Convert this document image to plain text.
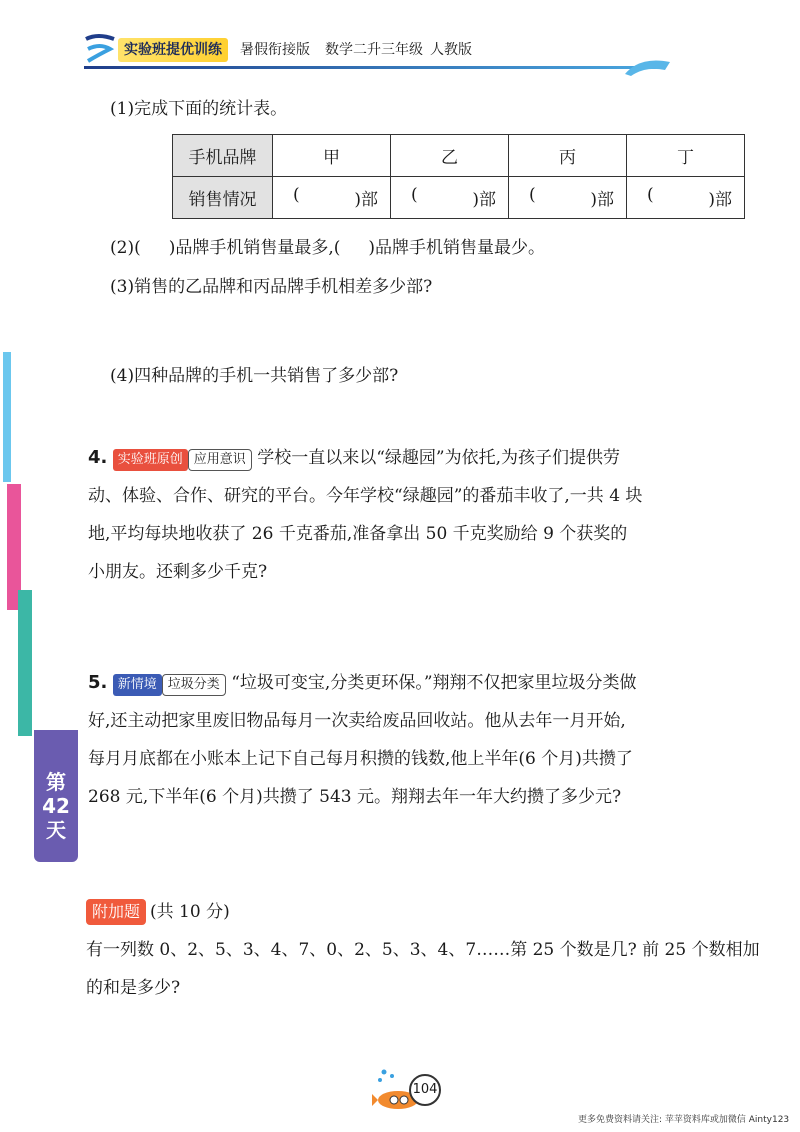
实验班提优训练	暑假衔接版 数学二升三年级 人教版
(1)完成下面的统计表。
手机品牌	甲	乙	丙	丁
销售情况	( )部	( )部	( )部	( )部
(2)( )品牌手机销售量最多,( )品牌手机销售量最少。
(3)销售的乙品牌和丙品牌手机相差多少部?
(4)四种品牌的手机一共销售了多少部?
4. 实验班原创 应用意识 学校一直以来以“绿趣园”为依托,为孩子们提供劳
动、体验、合作、研究的平台。今年学校“绿趣园”的番茄丰收了,一共 4 块
地,平均每块地收获了 26 千克番茄,准备拿出 50 千克奖励给 9 个获奖的
小朋友。还剩多少千克?
5. 新情境 垃圾分类 “垃圾可变宝,分类更环保。”翔翔不仅把家里垃圾分类做
好,还主动把家里废旧物品每月一次卖给废品回收站。他从去年一月开始,
每月月底都在小账本上记下自己每月积攒的钱数,他上半年(6 个月)共攒了
268 元,下半年(6 个月)共攒了 543 元。翔翔去年一年大约攒了多少元?
第
42
天
附加题 (共 10 分)
有一列数 0、2、5、3、4、7、0、2、5、3、4、7……第 25 个数是几? 前 25 个数相加
的和是多少?
104
更多免费资料请关注: 苹苹资料库或加微信 Ainty123
